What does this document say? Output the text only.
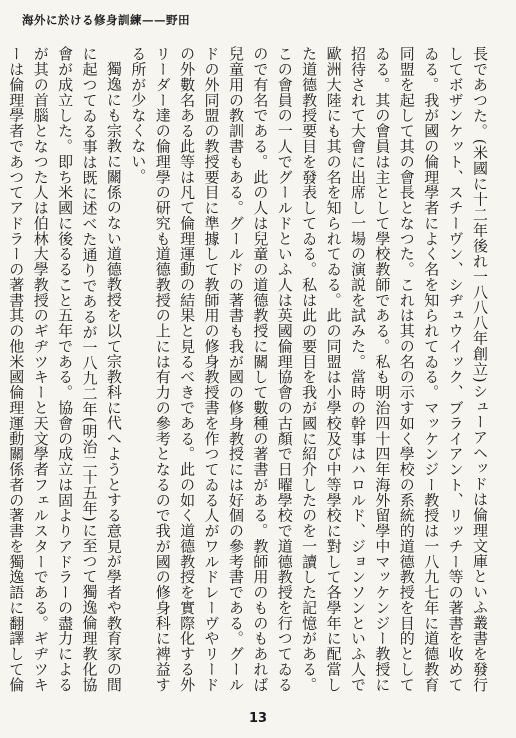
海外に於ける修身訓練——野田

長であつた。(米國に十二年後れ一八八八年創立)シューアヘッドは倫理文庫といふ叢書を發行してボザンケット、スチーヴン、シヂュウイック、ブライアント、リッチー等の著書を收めてゐる。我が國の倫理學者によく名を知られてゐる。マッケンジー教授は一八九七年に道德教育同盟を起して其の會長となつた。これは其の名の示す如く學校の系統的道德教授を目的としてゐる。其の會員は主として學校教師である。私も明治四十四年海外留學中マッケンジー教授に招待されて大會に出席し一場の演説を試みた。當時の幹事はハロルド、ジョンソンといふ人で歐洲大陸にも其の名を知られてゐる。此の同盟は小學校及び中等學校に對して各學年に配當した道德教授要目を發表してゐる。私は此の要目を我が國に紹介したのを一讀した記憶がある。この會員の一人でグールドといふ人は英國倫理協會の古顏で日曜學校で道德教授を行つてゐるので有名である。此の人は兒童の道德教授に關して數種の著書がある。教師用のものもあれば兒童用の教訓書もある。グールドの著書も我が國の修身教授には好個の參考書である。グールドの外同盟の教授要目に準據して教師用の修身教授書を作つてゐる人がワルドレーヴやリードの外數名ある此等は凡て倫理運動の結果と見るべきである。此の如く道德教授を實際化する外リーダー達の倫理學の研究も道德教授の上には有力の參考となるので我が國の修身科に裨益する所が少なくない。

獨逸にも宗教に關係のない道德教授を以て宗教科に代へようとする意見が學者や教育家の間に起つてゐる事は既に述べた通りであるが一八九二年(明治二十五年)に至つて獨逸倫理教化協會が成立した。即ち米國に後るること五年である。協會の成立は固よりアドラーの盡力によるが其の首腦となつた人は伯林大學教授のギヂツキーと天文學者フェルスターである。ギヂツキーは倫理學者であつてアドラーの著書其の他米國倫理運動關係者の著書を獨逸語に翻譯して倫

13
